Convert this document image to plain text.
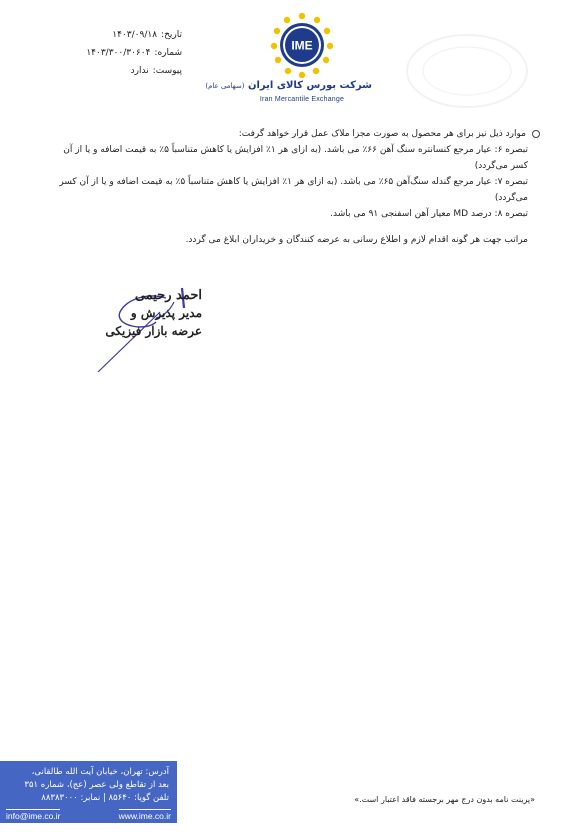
تاریخ:
۱۴۰۳/۰۹/۱۸
شماره:
۱۴۰۳/۳۰۰/۳۰۶۰۴
پیوست:
ندارد
IME
شرکت بورس کالای ایران (سهامی عام)
Iran Mercantile Exchange

موارد ذیل نیز برای هر محصول به صورت مجزا ملاک عمل قرار خواهد گرفت:

تبصره ۶: عیار مرجع کنسانتره سنگ آهن ۶۶٪ می باشد. (به ازای هر ۱٪ افزایش یا کاهش متناسباً ۵٪ به قیمت اضافه و یا از آن کسر می‌گردد)

تبصره ۷: عیار مرجع گندله سنگ‌آهن ۶۵٪ می باشد. (به ازای هر ۱٪ افزایش یا کاهش متناسباً ۵٪ به قیمت اضافه و یا از آن کسر می‌گردد)

تبصره ۸: درصد MD معیار آهن اسفنجی ۹۱ می باشد.

مراتب جهت هر گونه اقدام لازم و اطلاع رسانی به عرضه کنندگان و خریداران ابلاغ می گردد.

احمد رحیمی
مدیر پذیرش و
عرضه بازار فیزیکی
آدرس: تهران، خیابان آیت الله طالقانی،
بعد از تقاطع ولی عصر (عج)، شماره ۳۵۱
تلفن گویا: ۸۵۶۴۰ | نمابر: ۸۸۳۸۳۰۰۰
info@ime.co.ir	www.ime.co.ir
«پرینت نامه بدون درج مهر برجسته فاقد اعتبار است.»
